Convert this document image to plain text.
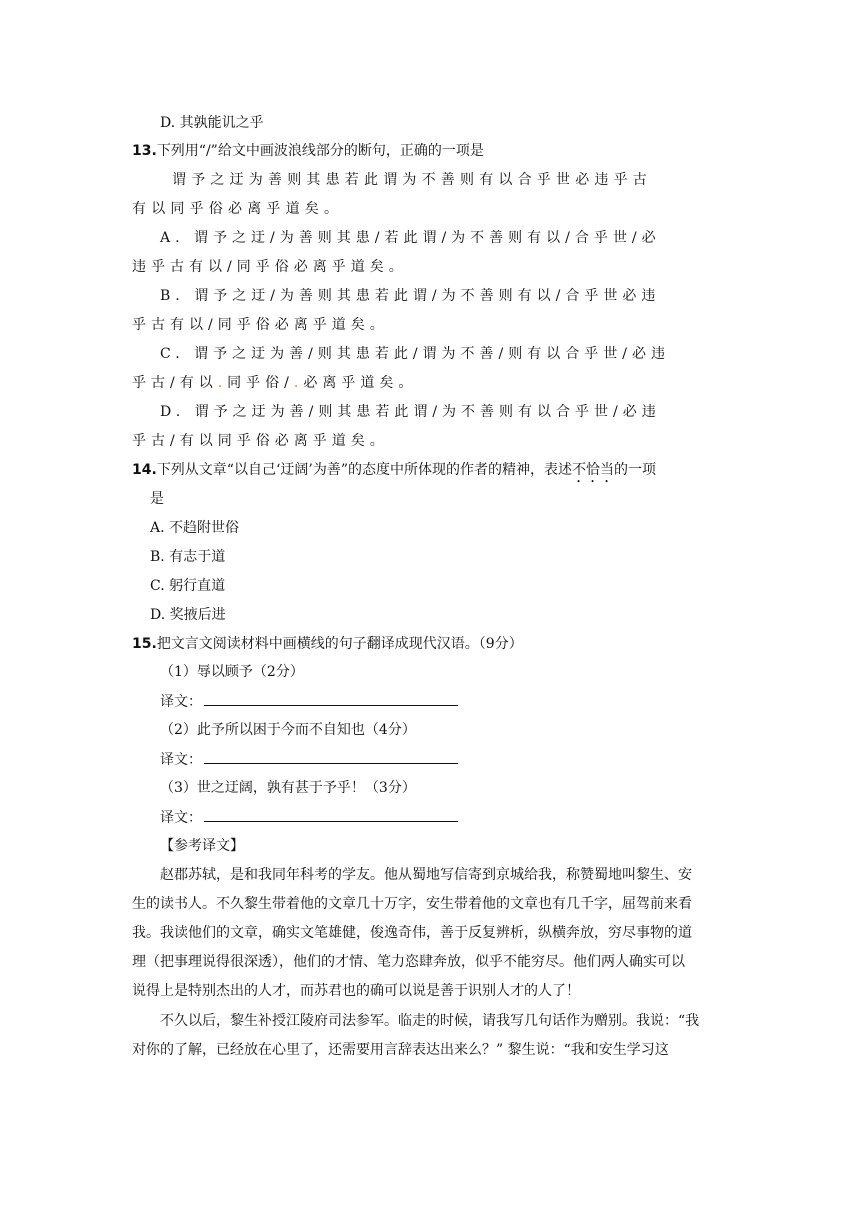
D. 其孰能讥之乎
13.下列用“/”给文中画波浪线部分的断句，正确的一项是
谓予之迂为善则其患若此谓为不善则有以合乎世必违乎古
有以同乎俗必离乎道矣。
A. 谓予之迂/为善则其患/若此谓/为不善则有以/合乎世/必
违乎古有以/同乎俗必离乎道矣。
B. 谓予之迂/为善则其患若此谓/为不善则有以/合乎世必违
乎古有以/同乎俗必离乎道矣。
C. 谓予之迂为善/则其患若此/谓为不善/则有以合乎世/必违
乎古/有以.同乎俗/.必离乎道矣。
D. 谓予之迂为善/则其患若此谓/为不善则有以合乎世/必违
乎古/有以同乎俗必离乎道矣。
14.下列从文章“以自己‘迂阔’为善”的态度中所体现的作者的精神，表述不恰当的一项
是
A. 不趋附世俗
B. 有志于道
C. 躬行直道
D. 奖掖后进
15.把文言文阅读材料中画横线的句子翻译成现代汉语。（9分）
（1）辱以顾予（2分）
译文：
（2）此予所以困于今而不自知也（4分）
译文：
（3）世之迂阔，孰有甚于予乎！（3分）
译文：
【参考译文】
赵郡苏轼，是和我同年科考的学友。他从蜀地写信寄到京城给我，称赞蜀地叫黎生、安
生的读书人。不久黎生带着他的文章几十万字，安生带着他的文章也有几千字，屈驾前来看
我。我读他们的文章，确实文笔雄健，俊逸奇伟，善于反复辨析，纵横奔放，穷尽事物的道
理（把事理说得很深透），他们的才情、笔力恣肆奔放，似乎不能穷尽。他们两人确实可以
说得上是特别杰出的人才，而苏君也的确可以说是善于识别人才的人了！
不久以后，黎生补授江陵府司法参军。临走的时候，请我写几句话作为赠别。我说：“我
对你的了解，已经放在心里了，还需要用言辞表达出来么？” 黎生说：“我和安生学习这
